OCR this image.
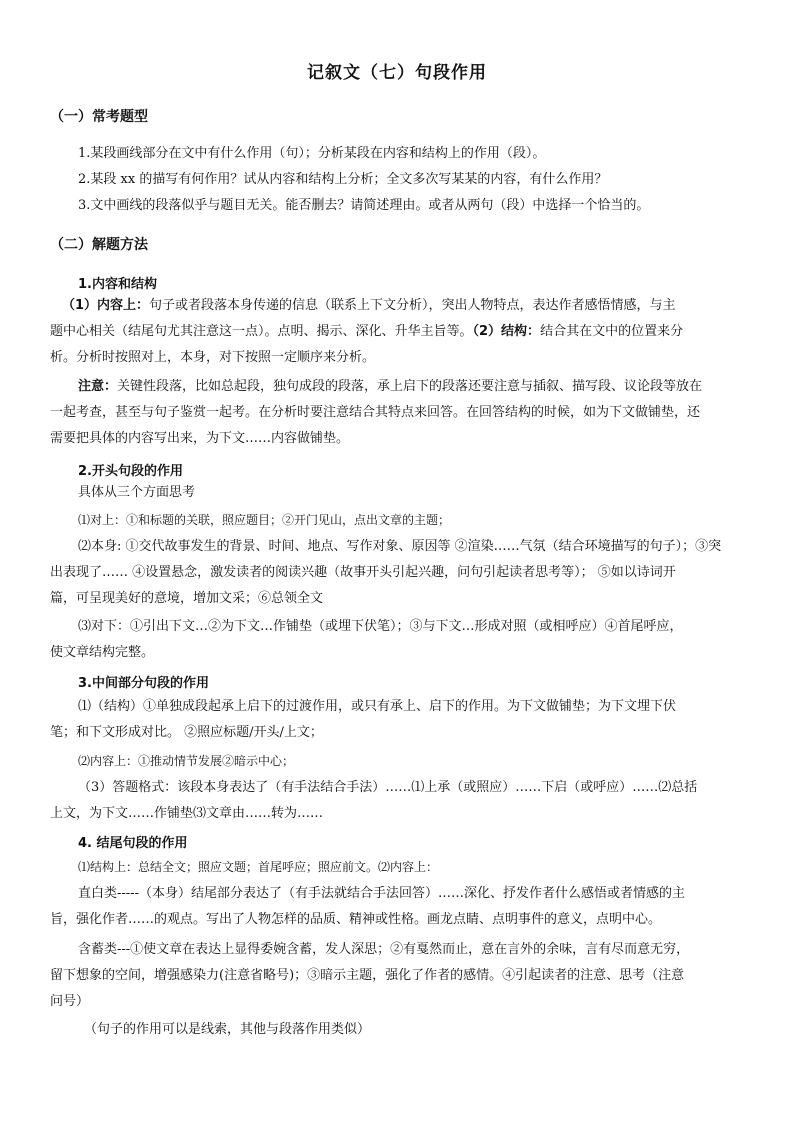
记叙文（七）句段作用
（一）常考题型
1.某段画线部分在文中有什么作用（句）；分析某段在内容和结构上的作用（段）。
2.某段 xx 的描写有何作用？试从内容和结构上分析；全文多次写某某的内容，有什么作用？
3.文中画线的段落似乎与题目无关。能否删去？请简述理由。或者从两句（段）中选择一个恰当的。
（二）解题方法
1.内容和结构
（1）内容上：句子或者段落本身传递的信息（联系上下文分析），突出人物特点，表达作者感悟情感，与主
题中心相关（结尾句尤其注意这一点）。点明、揭示、深化、升华主旨等。（2）结构：结合其在文中的位置来分
析。分析时按照对上，本身，对下按照一定顺序来分析。
注意：关键性段落，比如总起段，独句成段的段落，承上启下的段落还要注意与插叙、描写段、议论段等放在
一起考查，甚至与句子鉴赏一起考。在分析时要注意结合其特点来回答。在回答结构的时候，如为下文做铺垫，还
需要把具体的内容写出来，为下文……内容做铺垫。
2.开头句段的作用
具体从三个方面思考
⑴对上：①和标题的关联，照应题目；②开门见山，点出文章的主题；
⑵本身: ①交代故事发生的背景、时间、地点、写作对象、原因等 ②渲染……气氛（结合环境描写的句子）；③突
出表现了…… ④设置悬念，激发读者的阅读兴趣（故事开头引起兴趣，问句引起读者思考等）； ⑤如以诗词开
篇，可呈现美好的意境，增加文采；⑥总领全文
⑶对下：①引出下文…②为下文…作铺垫（或埋下伏笔）；③与下文…形成对照（或相呼应）④首尾呼应，
使文章结构完整。
3.中间部分句段的作用
⑴（结构）①单独成段起承上启下的过渡作用，或只有承上、启下的作用。为下文做铺垫；为下文埋下伏
笔；和下文形成对比。 ②照应标题/开头/上文；
⑵内容上：①推动情节发展②暗示中心；
（3）答题格式：该段本身表达了（有手法结合手法）……⑴上承（或照应）……下启（或呼应）……⑵总括
上文，为下文……作铺垫⑶文章由……转为……
4. 结尾句段的作用
⑴结构上：总结全文；照应文题；首尾呼应；照应前文。⑵内容上：
直白类-----（本身）结尾部分表达了（有手法就结合手法回答）……深化、抒发作者什么感悟或者情感的主
旨，强化作者……的观点。写出了人物怎样的品质、精神或性格。画龙点睛、点明事件的意义，点明中心。
含蓄类---①使文章在表达上显得委婉含蓄，发人深思；②有戛然而止，意在言外的余味，言有尽而意无穷，
留下想象的空间，增强感染力(注意省略号)；③暗示主题，强化了作者的感情。④引起读者的注意、思考（注意
问号）
（句子的作用可以是线索，其他与段落作用类似）
